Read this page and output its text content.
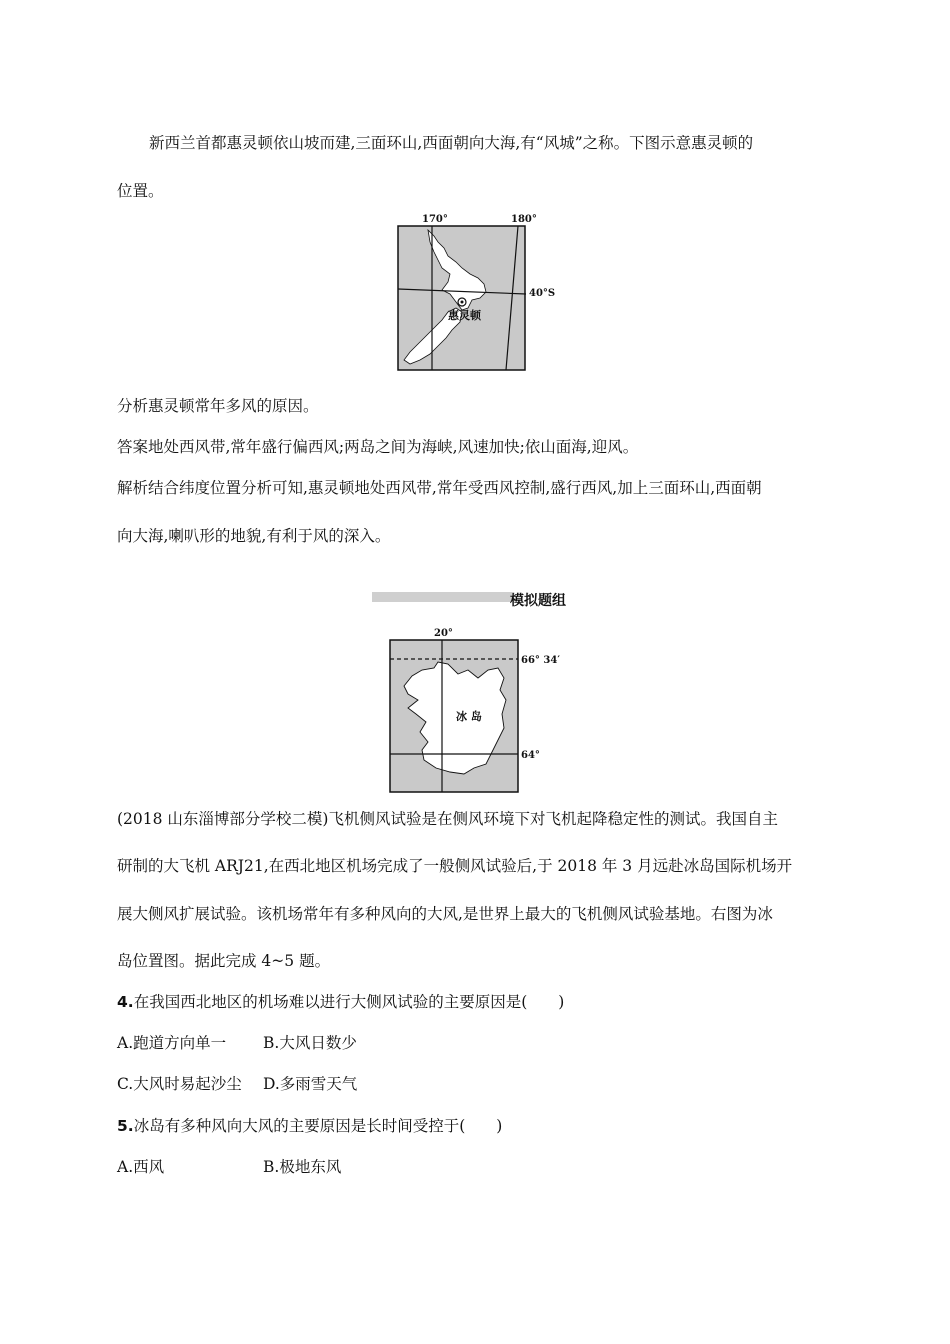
新西兰首都惠灵顿依山坡而建,三面环山,西面朝向大海,有“风城”之称。下图示意惠灵顿的
位置。
170°	180°
40°S
惠灵顿
分析惠灵顿常年多风的原因。
答案地处西风带,常年盛行偏西风;两岛之间为海峡,风速加快;依山面海,迎风。
解析结合纬度位置分析可知,惠灵顿地处西风带,常年受西风控制,盛行西风,加上三面环山,西面朝
向大海,喇叭形的地貌,有利于风的深入。
模拟题组
20°
66° 34′
64°
冰 岛
(2018 山东淄博部分学校二模)飞机侧风试验是在侧风环境下对飞机起降稳定性的测试。我国自主
研制的大飞机 ARJ21,在西北地区机场完成了一般侧风试验后,于 2018 年 3 月远赴冰岛国际机场开
展大侧风扩展试验。该机场常年有多种风向的大风,是世界上最大的飞机侧风试验基地。右图为冰
岛位置图。据此完成 4~5 题。
4.在我国西北地区的机场难以进行大侧风试验的主要原因是(　　)
A.跑道方向单一 B.大风日数少
C.大风时易起沙尘 D.多雨雪天气
5.冰岛有多种风向大风的主要原因是长时间受控于(　　)
A.西风	B.极地东风
